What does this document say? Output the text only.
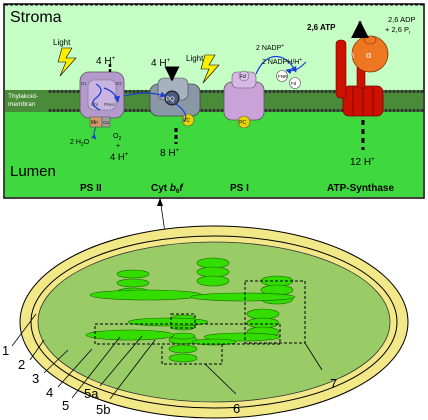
Stroma
Lumen
Thylakoid-
membran
Light
D1	D2
Chl Pheo
Mn Ca
2 $H_2O$
$O_2$
+
4 H+
4 H+
PS II
PQ
PC
4 H+
8 H+
Cyt $b_6f$
Light
Fd
PC
FNR
Fd
2 NADP+
2 NADPH/H+
PS I
α
β
2,6 ATP
2,6 ADP
+ 2,6 $P_i$
12 H+
ATP-Synthase
1
2
3
4
5
5a
5b	6
7
